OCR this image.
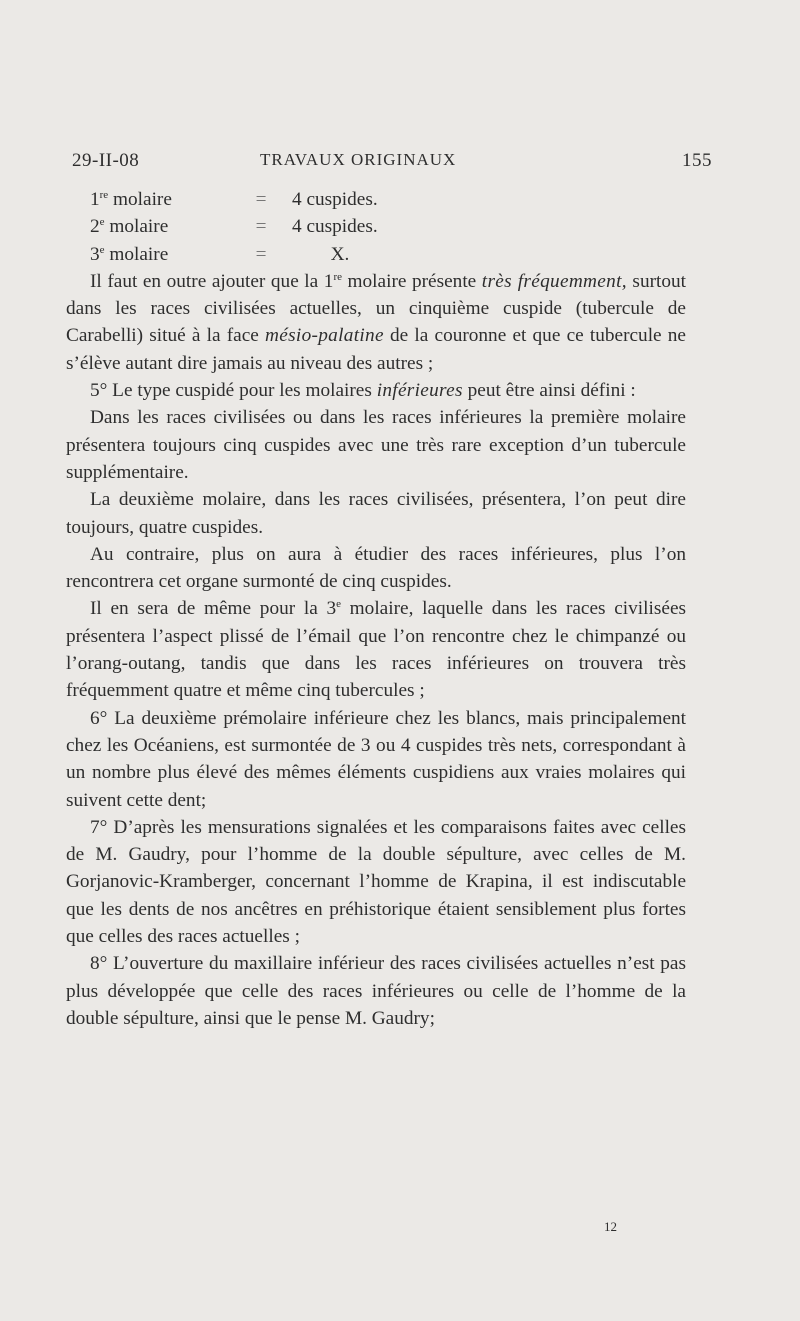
29-II-08	TRAVAUX ORIGINAUX	155
1re molaire	=	4 cuspides.
2e molaire	=	4 cuspides.
3e molaire	=	X.

Il faut en outre ajouter que la 1re molaire présente très fréquemment, surtout dans les races civilisées actuelles, un cinquième cuspide (tubercule de Carabelli) situé à la face mésio-palatine de la couronne et que ce tubercule ne s’élève autant dire jamais au niveau des autres ;

5° Le type cuspidé pour les molaires inférieures peut être ainsi défini :

Dans les races civilisées ou dans les races inférieures la première molaire présentera toujours cinq cuspides avec une très rare exception d’un tubercule supplémentaire.

La deuxième molaire, dans les races civilisées, présentera, l’on peut dire toujours, quatre cuspides.

Au contraire, plus on aura à étudier des races inférieures, plus l’on rencontrera cet organe surmonté de cinq cuspides.

Il en sera de même pour la 3e molaire, laquelle dans les races civilisées présentera l’aspect plissé de l’émail que l’on rencontre chez le chimpanzé ou l’orang-outang, tandis que dans les races inférieures on trouvera très fréquemment quatre et même cinq tubercules ;

6° La deuxième prémolaire inférieure chez les blancs, mais principalement chez les Océaniens, est surmontée de 3 ou 4 cuspides très nets, correspondant à un nombre plus élevé des mêmes éléments cuspidiens aux vraies molaires qui suivent cette dent;

7° D’après les mensurations signalées et les comparaisons faites avec celles de M. Gaudry, pour l’homme de la double sépulture, avec celles de M. Gorjanovic-Kramberger, concernant l’homme de Krapina, il est indiscutable que les dents de nos ancêtres en préhistorique étaient sensiblement plus fortes que celles des races actuelles ;

8° L’ouverture du maxillaire inférieur des races civilisées actuelles n’est pas plus développée que celle des races inférieures ou celle de l’homme de la double sépulture, ainsi que le pense M. Gaudry;

12
